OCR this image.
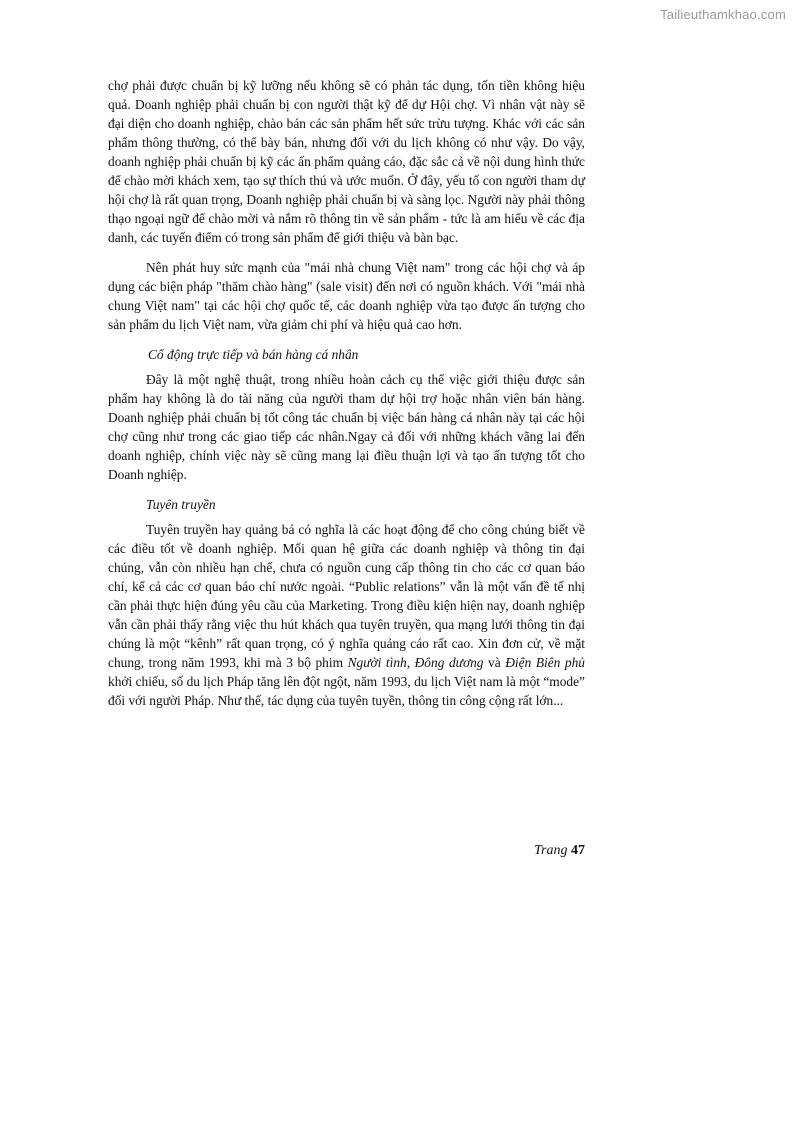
Tailieuthamkhao.com

chợ phải được chuẩn bị kỹ lưỡng nếu không sẽ có phản tác dụng, tốn tiền không hiệu quả. Doanh nghiệp phải chuẩn bị con người thật kỹ để dự Hội chợ. Vì nhân vật này sẽ đại diện cho doanh nghiệp, chào bán các sản phẩm hết sức trừu tượng. Khác với các sản phẩm thông thường, có thể bày bán, nhưng đối với du lịch không có như vậy. Do vậy, doanh nghiệp phải chuẩn bị kỹ các ấn phẩm quảng cáo, đặc sắc cả về nội dung hình thức để chào mời khách xem, tạo sự thích thú và ước muốn. Ở đây, yếu tố con người tham dự hội chợ là rất quan trọng, Doanh nghiệp phải chuẩn bị và sàng lọc. Người này phải thông thạo ngoại ngữ để chào mời và nắm rõ thông tin về sản phẩm - tức là am hiểu về các địa danh, các tuyến điểm có trong sản phẩm để giới thiệu và bàn bạc.

Nên phát huy sức mạnh của "mái nhà chung Việt nam" trong các hội chợ và áp dụng các biện pháp "thăm chào hàng" (sale visit) đến nơi có nguồn khách. Với "mái nhà chung Việt nam" tại các hội chợ quốc tế, các doanh nghiệp vừa tạo được ấn tượng cho sản phẩm du lịch Việt nam, vừa giảm chi phí và hiệu quả cao hơn.

Cổ động trực tiếp và bán hàng cá nhân

Đây là một nghệ thuật, trong nhiều hoàn cảch cụ thể việc giới thiệu được sản phẩm hay không là do tài năng của người tham dự hội trợ hoặc nhân viên bán hàng. Doanh nghiệp phải chuẩn bị tốt công tác chuẩn bị việc bán hàng cá nhân này tại các hội chợ cũng như trong các giao tiếp các nhân.Ngay cả đối với những khách vãng lai đến doanh nghiệp, chính việc này sẽ cũng mang lại điều thuận lợi và tạo ấn tượng tốt cho Doanh nghiệp.

Tuyên truyền

Tuyên truyền hay quảng bá có nghĩa là các hoạt động để cho công chúng biết về các điều tốt về doanh nghiệp. Mối quan hệ giữa các doanh nghiệp và thông tin đại chúng, vẫn còn nhiều hạn chế, chưa có nguồn cung cấp thông tin cho các cơ quan báo chí, kể cả các cơ quan báo chí nước ngoài. “Public relations” vẫn là một vấn đề tế nhị cần phải thực hiện đúng yêu cầu của Marketing. Trong điều kiện hiện nay, doanh nghiệp vẫn cần phải thấy rằng việc thu hút khách qua tuyên truyền, qua mạng lưới thông tin đại chúng là một “kênh” rất quan trọng, có ý nghĩa quảng cáo rất cao. Xin đơn cử, về mặt chung, trong năm 1993, khi mà 3 bộ phim Người tình, Đông dương và Điện Biên phủ khởi chiếu, số du lịch Pháp tăng lên đột ngột, năm 1993, du lịch Việt nam là một “mode” đối với người Pháp. Như thế, tác dụng của tuyên tuyền, thông tin công cộng rất lớn...

Trang 47
